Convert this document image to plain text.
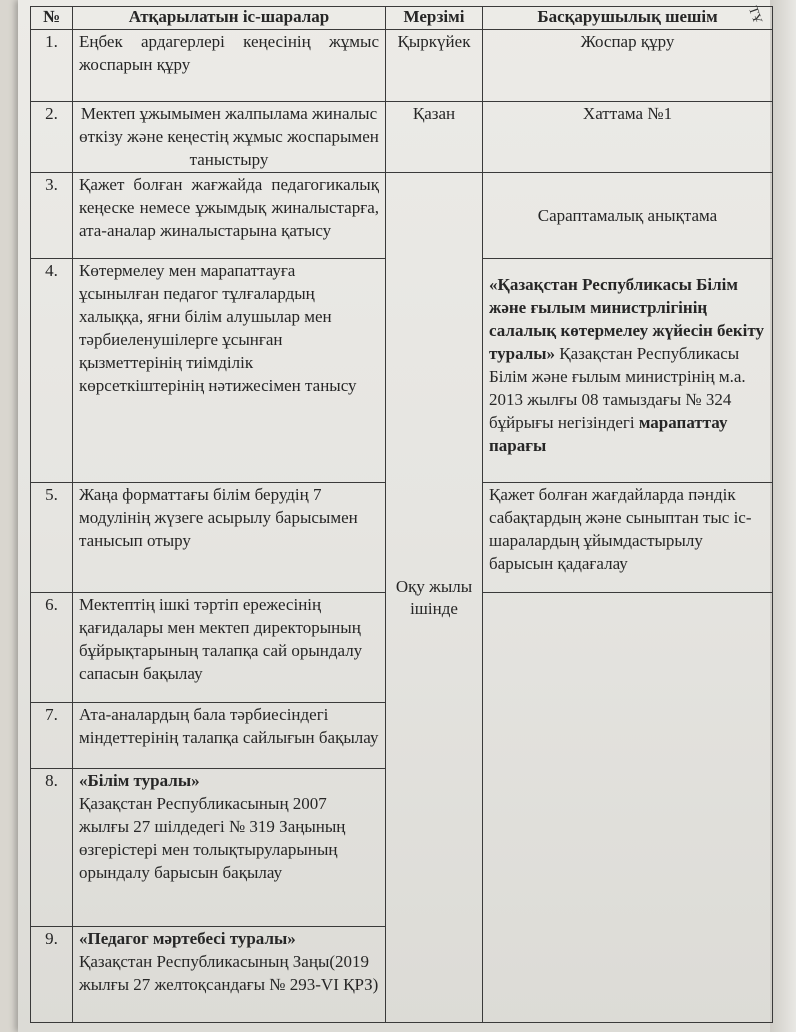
ТҰ
№	Атқарылатын іс-шаралар	Мерзімі	Басқарушылық шешім
1.	Еңбек ардагерлері кеңесінің жұмыс жоспарын құру	Қыркүйек	Жоспар құру
2.	Мектеп ұжымымен жалпылама жиналыс өткізу және кеңестің жұмыс жоспарымен таныстыру	Қазан	Хаттама №1
3.	Қажет болған жағжайда педагогикалық кеңеске немесе ұжымдық жиналыстарға, ата-аналар жиналыстарына қатысу	Оқу жылы ішінде	Сараптамалық анықтама
4.	Көтермелеу мен марапаттауға ұсынылған педагог тұлғалардың халыққа, яғни білім алушылар мен тәрбиеленушілерге ұсынған қызметтерінің тиімділік көрсеткіштерінің нәтижесімен танысу		«Қазақстан Республикасы Білім және ғылым министрлігінің салалық көтермелеу жүйесін бекіту туралы» Қазақстан Республикасы Білім және ғылым министрінің м.а. 2013 жылғы 08 тамыздағы № 324 бұйрығы негізіндегі марапаттау парағы
5.	Жаңа форматтағы білім берудің 7 модулінің жүзеге асырылу барысымен танысып отыру		Қажет болған жағдайларда пәндік сабақтардың және сыныптан тыс іс- шаралардың ұйымдастырылу барысын қадағалау
6.	Мектептің ішкі тәртіп ережесінің қағидалары мен мектеп директорының бұйрықтарының талапқа сай орындалу сапасын бақылау		
7.	Ата-аналардың бала тәрбиесіндегі міндеттерінің талапқа сайлығын бақылау		
8.	«Білім туралы»
Қазақстан Республикасының 2007 жылғы 27 шілдедегі № 319 Заңының өзгерістері мен толықтыруларының орындалу барысын бақылау		
9.	«Педагог мәртебесі туралы»
Қазақстан Республикасының Заңы(2019 жылғы 27 желтоқсандағы № 293-VI ҚРЗ)		
